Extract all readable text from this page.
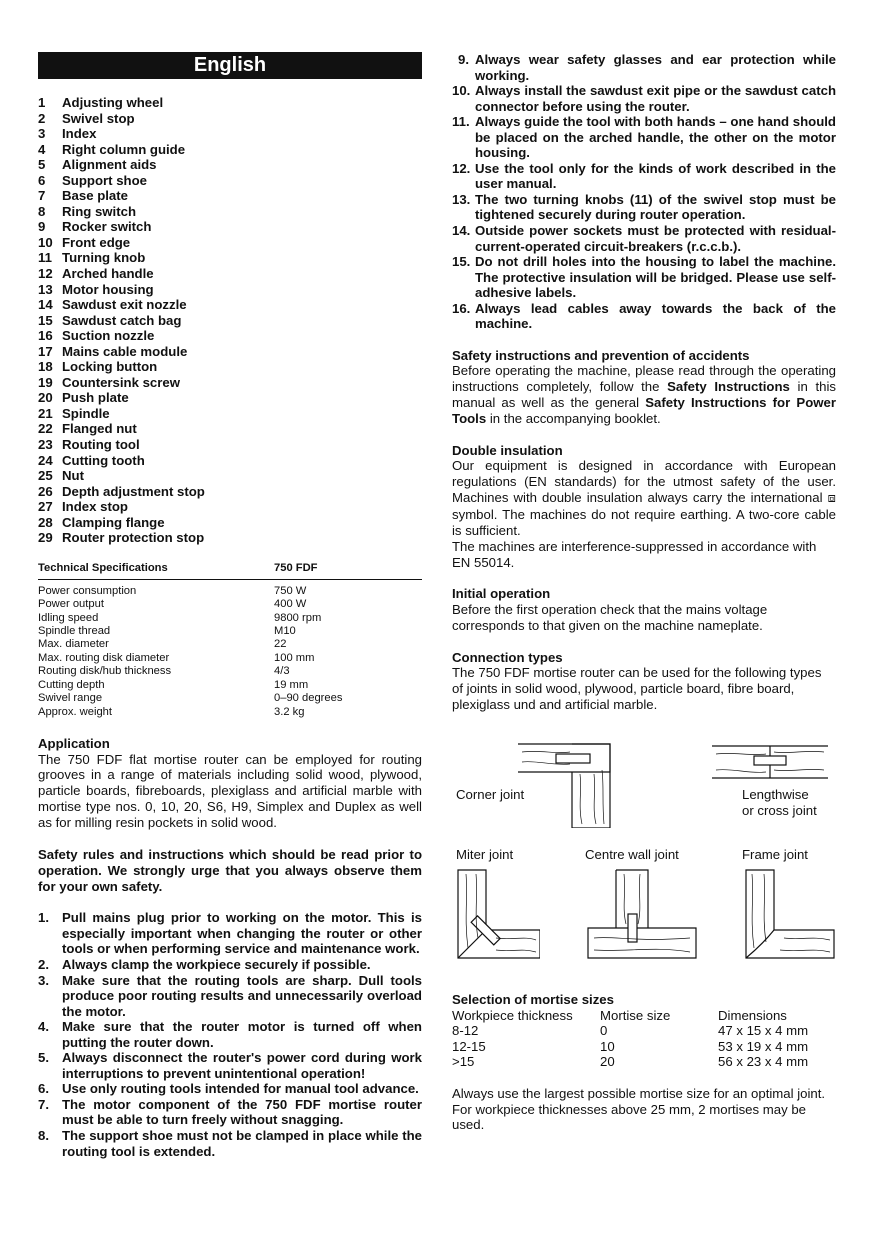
English
1 Adjusting wheel
2 Swivel stop
3 Index
4 Right column guide
5 Alignment aids
6 Support shoe
7 Base plate
8 Ring switch
9 Rocker switch
10 Front edge
11 Turning knob
12 Arched handle
13 Motor housing
14 Sawdust exit nozzle
15 Sawdust catch bag
16 Suction nozzle
17 Mains cable module
18 Locking button
19 Countersink screw
20 Push plate
21 Spindle
22 Flanged nut
23 Routing tool
24 Cutting tooth
25 Nut
26 Depth adjustment stop
27 Index stop
28 Clamping flange
29 Router protection stop
Technical Specifications	750 FDF
Power consumption	750 W
Power output	400 W
Idling speed	9800 rpm
Spindle thread	M10
Max. diameter	22
Max. routing disk diameter	100 mm
Routing disk/hub thickness	4/3
Cutting depth	19 mm
Swivel range	0–90 degrees
Approx. weight	3.2 kg
Application

The 750 FDF flat mortise router can be employed for routing grooves in a range of materials including solid wood, plywood, particle boards, fibreboards, plexiglass and artificial marble with mortise type nos. 0, 10, 20, S6, H9, Simplex and Duplex as well as for milling resin pockets in solid wood.

Safety rules and instructions which should be read prior to operation. We strongly urge that you always observe them for your own safety.

1. Pull mains plug prior to working on the motor. This is especially important when changing the router or other tools or when performing service and maintenance work.
2. Always clamp the workpiece securely if possible.
3. Make sure that the routing tools are sharp. Dull tools produce poor routing results and unnecessarily overload the motor.
4. Make sure that the router motor is turned off when putting the router down.
5. Always disconnect the router's power cord during work interruptions to prevent unintentional operation!
6. Use only routing tools intended for manual tool advance.
7. The motor component of the 750 FDF mortise router must be able to turn freely without snagging.
8. The support shoe must not be clamped in place while the routing tool is extended.
9. Always wear safety glasses and ear protection while working.
10. Always install the sawdust exit pipe or the sawdust catch connector before using the router.
11. Always guide the tool with both hands – one hand should be placed on the arched handle, the other on the motor housing.
12. Use the tool only for the kinds of work described in the user manual.
13. The two turning knobs (11) of the swivel stop must be tightened securely during router operation.
14. Outside power sockets must be protected with residual-current-operated circuit-breakers (r.c.c.b.).
15. Do not drill holes into the housing to label the machine. The protective insulation will be bridged. Please use self-adhesive labels.
16. Always lead cables away towards the back of the machine.
Safety instructions and prevention of accidents

Before operating the machine, please read through the operating instructions completely, follow the Safety Instructions in this manual as well as the general Safety Instructions for Power Tools in the accompanying booklet.

Double insulation

Our equipment is designed in accordance with European regulations (EN standards) for the utmost safety of the user. Machines with double insulation always carry the international ⧈ symbol. The machines do not require earthing. A two-core cable is sufficient.

The machines are interference-suppressed in accordance with EN 55014.

Initial operation

Before the first operation check that the mains voltage corresponds to that given on the machine nameplate.

Connection types

The 750 FDF mortise router can be used for the following types of joints in solid wood, plywood, particle board, fibre board, plexiglass und and artificial marble.

Corner joint	Lengthwise
or cross joint
Miter joint	Centre wall joint	Frame joint
Selection of mortise sizes
Workpiece thickness	Mortise size	Dimensions
8-12	0	47 x 15 x 4 mm
12-15	10	53 x 19 x 4 mm
>15	20	56 x 23 x 4 mm

Always use the largest possible mortise size for an optimal joint. For workpiece thicknesses above 25 mm, 2 mortises may be used.
